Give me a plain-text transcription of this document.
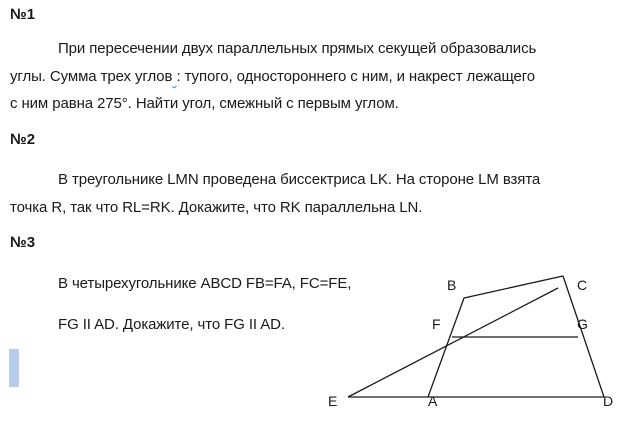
№1
При пересечении двух параллельных прямых секущей образовались
углы. Сумма трех углов : тупого, одностороннего с ним, и накрест лежащего
с ним равна 275°. Найти угол, смежный с первым углом.
№2
В треугольнике LMN проведена биссектриса LK. На стороне LM взята
точка R, так что RL=RK. Докажите, что RK параллельна LN.
№3
В четырехугольнике ABCD FB=FA, FC=FE,
FG II AD. Докажите, что FG II AD.
B	C
F	G
E	A	D
